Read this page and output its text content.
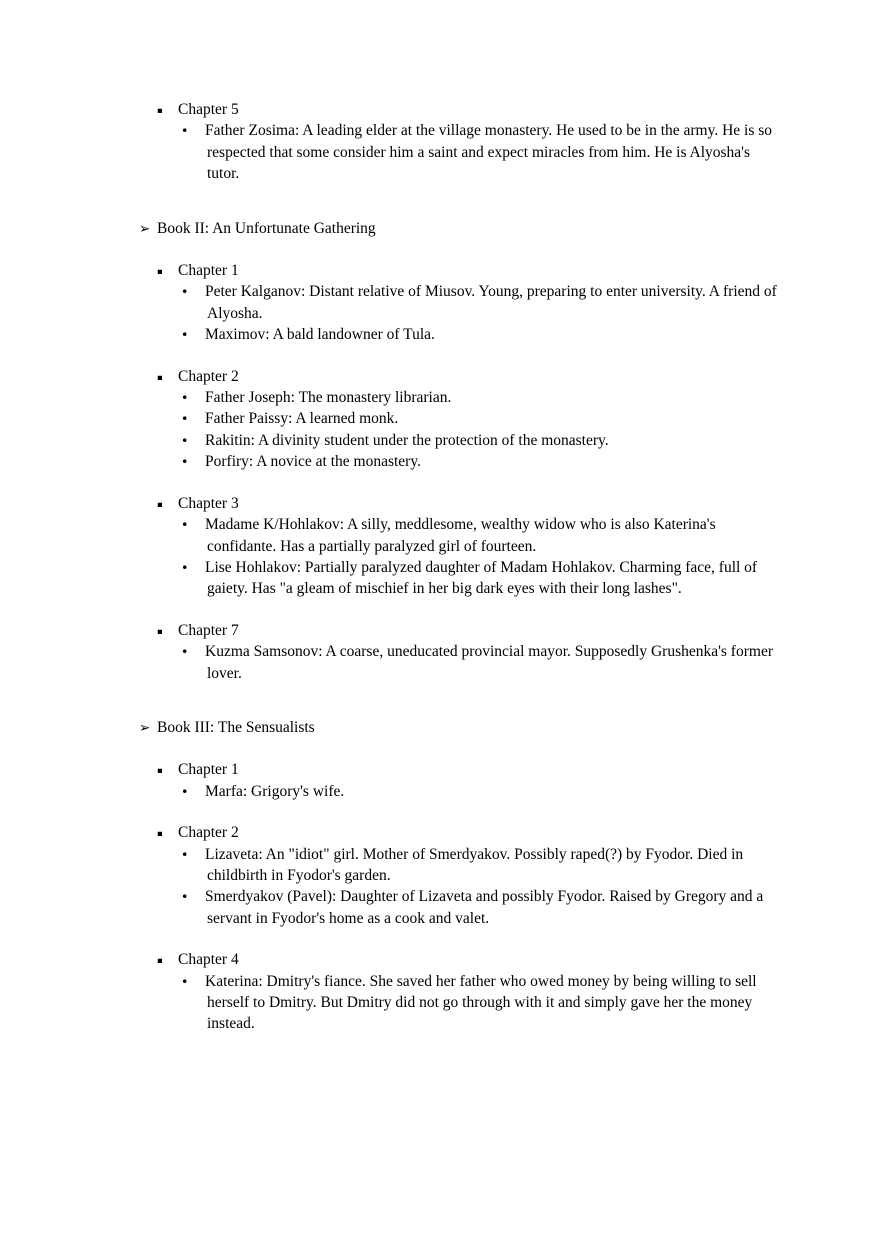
▪ Chapter 5
•	Father Zosima: A leading elder at the village monastery. He used to be in the army. He is so respected that some consider him a saint and expect miracles from him. He is Alyosha's tutor.
➢ Book II: An Unfortunate Gathering
▪ Chapter 1
•	Peter Kalganov: Distant relative of Miusov. Young, preparing to enter university. A friend of Alyosha.
•	Maximov: A bald landowner of Tula.
▪ Chapter 2
•	Father Joseph: The monastery librarian.
•	Father Paissy: A learned monk.
•	Rakitin: A divinity student under the protection of the monastery.
•	Porfiry: A novice at the monastery.
▪ Chapter 3
•	Madame K/Hohlakov: A silly, meddlesome, wealthy widow who is also Katerina's confidante. Has a partially paralyzed girl of fourteen.
•	Lise Hohlakov: Partially paralyzed daughter of Madam Hohlakov. Charming face, full of gaiety. Has "a gleam of mischief in her big dark eyes with their long lashes".
▪ Chapter 7
•	Kuzma Samsonov: A coarse, uneducated provincial mayor. Supposedly Grushenka's former lover.
➢ Book III: The Sensualists
▪ Chapter 1
•	Marfa: Grigory's wife.
▪ Chapter 2
•	Lizaveta: An "idiot" girl. Mother of Smerdyakov. Possibly raped(?) by Fyodor. Died in childbirth in Fyodor's garden.
•	Smerdyakov (Pavel): Daughter of Lizaveta and possibly Fyodor. Raised by Gregory and a servant in Fyodor's home as a cook and valet.
▪ Chapter 4
•	Katerina: Dmitry's fiance. She saved her father who owed money by being willing to sell herself to Dmitry. But Dmitry did not go through with it and simply gave her the money instead.
